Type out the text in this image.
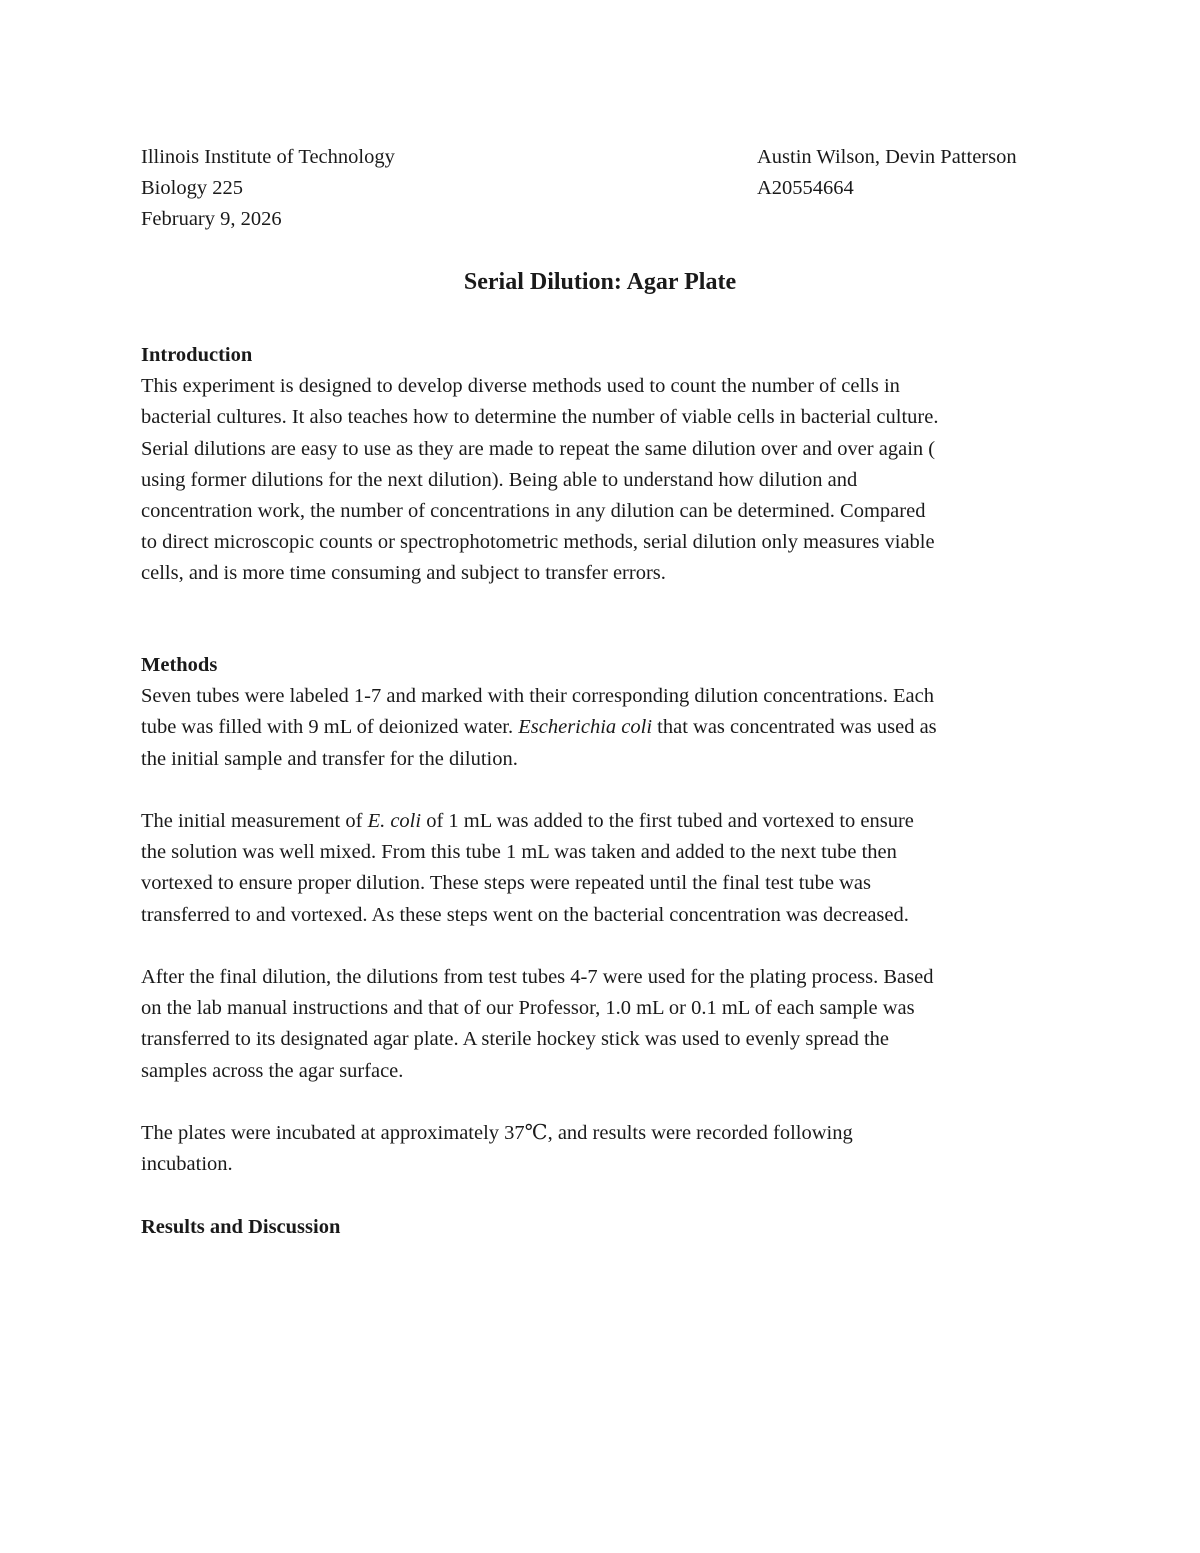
Illinois Institute of Technology	Austin Wilson, Devin Patterson
Biology 225	A20554664
February 9, 2026
Serial Dilution: Agar Plate
Introduction
This experiment is designed to develop diverse methods used to count the number of cells in
bacterial cultures. It also teaches how to determine the number of viable cells in bacterial culture.
Serial dilutions are easy to use as they are made to repeat the same dilution over and over again (
using former dilutions for the next dilution). Being able to understand how dilution and
concentration work, the number of concentrations in any dilution can be determined. Compared
to direct microscopic counts or spectrophotometric methods, serial dilution only measures viable
cells, and is more time consuming and subject to transfer errors.
Methods
Seven tubes were labeled 1-7 and marked with their corresponding dilution concentrations. Each
tube was filled with 9 mL of deionized water. Escherichia coli that was concentrated was used as
the initial sample and transfer for the dilution.
The initial measurement of E. coli of 1 mL was added to the first tubed and vortexed to ensure
the solution was well mixed. From this tube 1 mL was taken and added to the next tube then
vortexed to ensure proper dilution. These steps were repeated until the final test tube was
transferred to and vortexed. As these steps went on the bacterial concentration was decreased.
After the final dilution, the dilutions from test tubes 4-7 were used for the plating process. Based
on the lab manual instructions and that of our Professor, 1.0 mL or 0.1 mL of each sample was
transferred to its designated agar plate. A sterile hockey stick was used to evenly spread the
samples across the agar surface.
The plates were incubated at approximately 37℃, and results were recorded following
incubation.
Results and Discussion
